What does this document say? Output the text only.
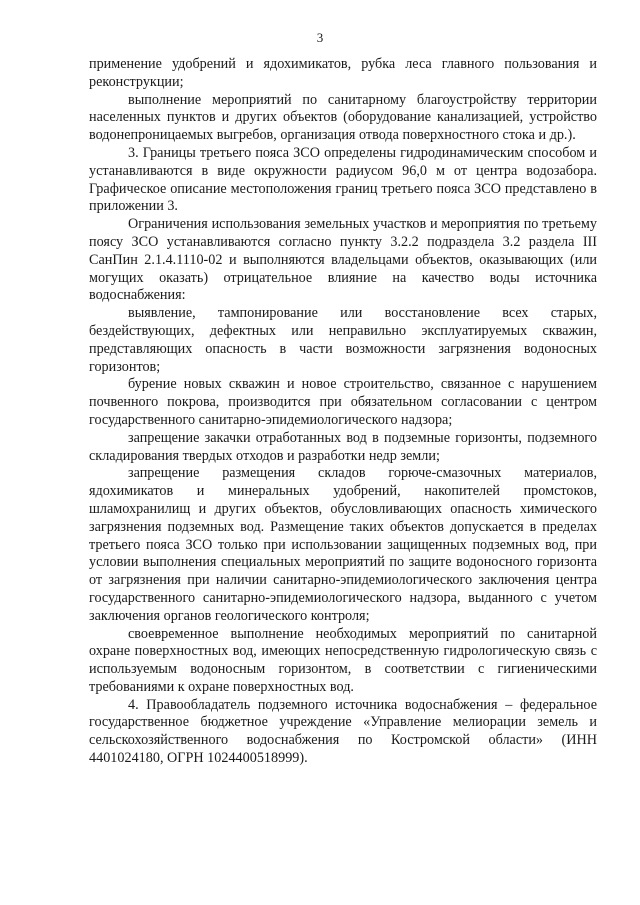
3

применение удобрений и ядохимикатов, рубка леса главного пользования и реконструкции;

выполнение мероприятий по санитарному благоустройству территории населенных пунктов и других объектов (оборудование канализацией, устройство водонепроницаемых выгребов, организация отвода поверхностного стока и др.).

3. Границы третьего пояса ЗСО определены гидродинамическим способом и устанавливаются в виде окружности радиусом 96,0 м от центра водозабора. Графическое описание местоположения границ третьего пояса ЗСО представлено в приложении 3.

Ограничения использования земельных участков и мероприятия по третьему поясу ЗСО устанавливаются согласно пункту 3.2.2 подраздела 3.2 раздела III СанПин 2.1.4.1110-02 и выполняются владельцами объектов, оказывающих (или могущих оказать) отрицательное влияние на качество воды источника водоснабжения:

выявление, тампонирование или восстановление всех старых, бездействующих, дефектных или неправильно эксплуатируемых скважин, представляющих опасность в части возможности загрязнения водоносных горизонтов;

бурение новых скважин и новое строительство, связанное с нарушением почвенного покрова, производится при обязательном согласовании с центром государственного санитарно-эпидемиологического надзора;

запрещение закачки отработанных вод в подземные горизонты, подземного складирования твердых отходов и разработки недр земли;

запрещение размещения складов горюче-смазочных материалов, ядохимикатов и минеральных удобрений, накопителей промстоков, шламохранилищ и других объектов, обусловливающих опасность химического загрязнения подземных вод. Размещение таких объектов допускается в пределах третьего пояса ЗСО только при использовании защищенных подземных вод, при условии выполнения специальных мероприятий по защите водоносного горизонта от загрязнения при наличии санитарно-эпидемиологического заключения центра государственного санитарно-эпидемиологического надзора, выданного с учетом заключения органов геологического контроля;

своевременное выполнение необходимых мероприятий по санитарной охране поверхностных вод, имеющих непосредственную гидрологическую связь с используемым водоносным горизонтом, в соответствии с гигиеническими требованиями к охране поверхностных вод.

4. Правообладатель подземного источника водоснабжения – федеральное государственное бюджетное учреждение «Управление мелиорации земель и сельскохозяйственного водоснабжения по Костромской области» (ИНН 4401024180, ОГРН 1024400518999).
